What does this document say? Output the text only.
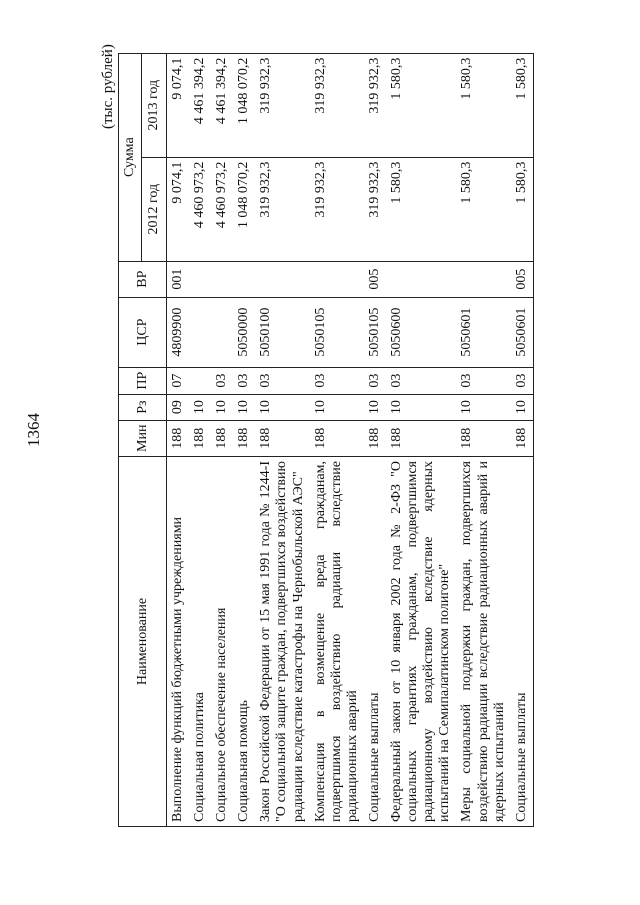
1364
(тыс. рублей)
Наименование	Мин	Рз	ПР	ЦСР	ВР	Сумма	
						2012 год	2013 год
Выполнение функций бюджетными учреждениями	188	09	07	4809900	001	9 074,1	9 074,1
Социальная политика	188	10				4 460 973,2	4 461 394,2
Социальное обеспечение населения	188	10	03			4 460 973,2	4 461 394,2
Социальная помощь	188	10	03	5050000		1 048 070,2	1 048 070,2
Закон Российской Федерации от 15 мая 1991 года № 1244-I "О социальной защите граждан, подвергшихся воздействию радиации вследствие катастрофы на Чернобыльской АЭС"	188	10	03	5050100		319 932,3	319 932,3
Компенсация в возмещение вреда гражданам, подвергшимся воздействию радиации вследствие радиационных аварий	188	10	03	5050105		319 932,3	319 932,3
Социальные выплаты	188	10	03	5050105	005	319 932,3	319 932,3
Федеральный закон от 10 января 2002 года № 2-ФЗ "О социальных гарантиях гражданам, подвергшимся радиационному воздействию вследствие ядерных испытаний на Семипалатинском полигоне"	188	10	03	5050600		1 580,3	1 580,3
Меры социальной поддержки граждан, подвергшихся воздействию радиации вследствие радиационных аварий и ядерных испытаний	188	10	03	5050601		1 580,3	1 580,3
Социальные выплаты	188	10	03	5050601	005	1 580,3	1 580,3
